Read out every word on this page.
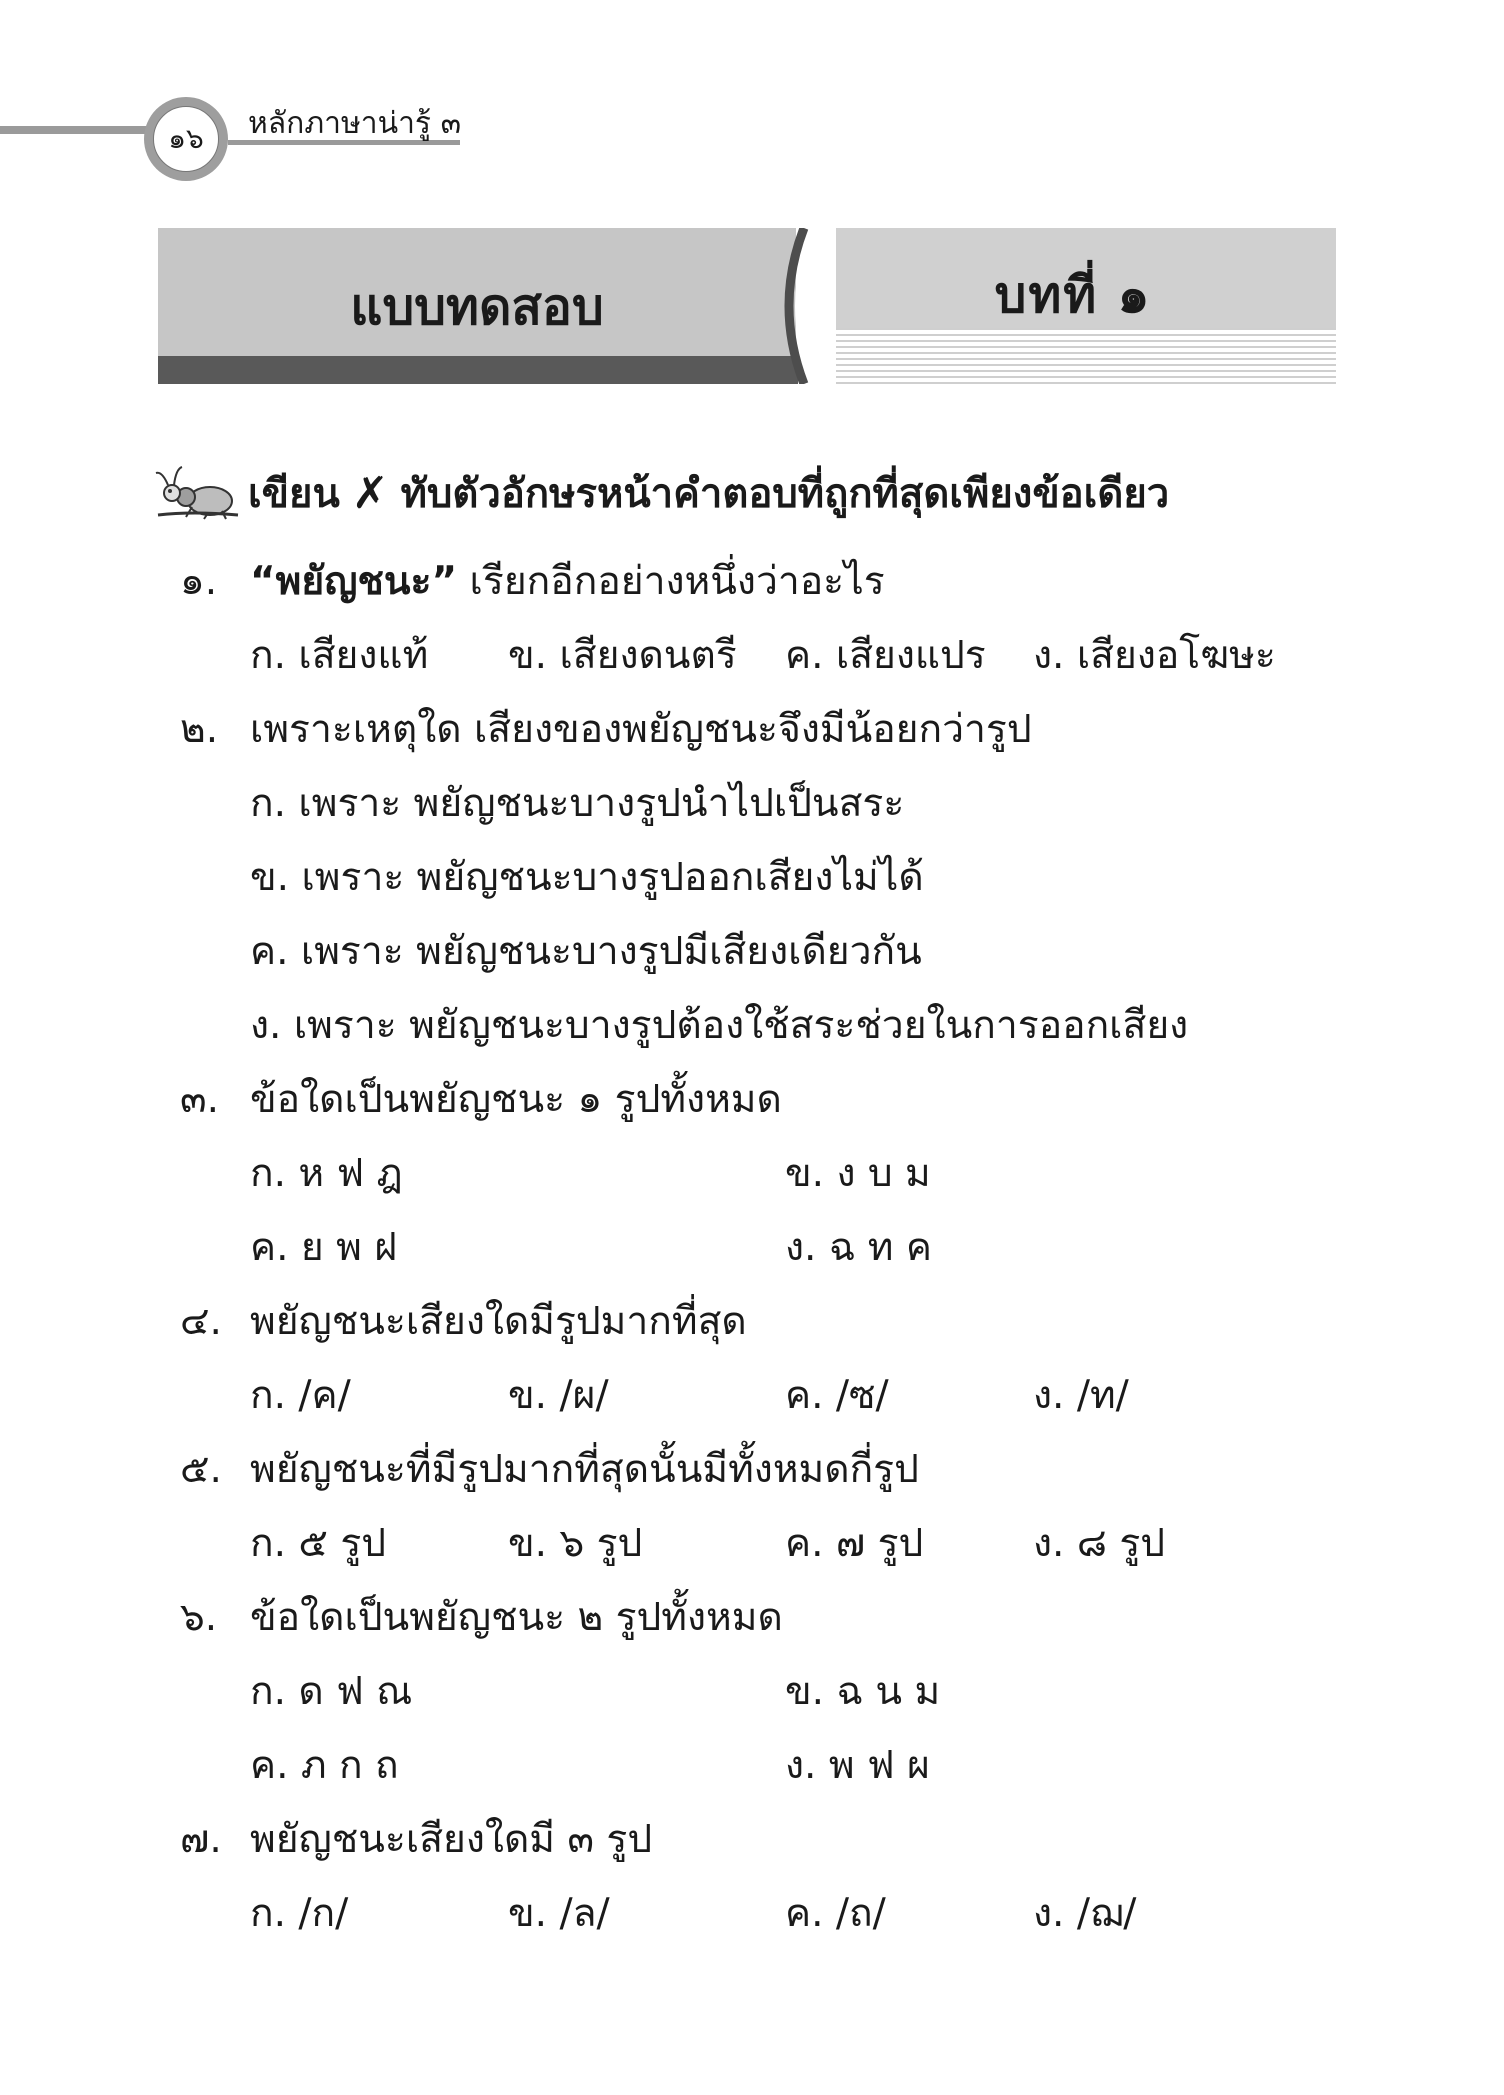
๑๖	หลักภาษาน่ารู้ ๓
แบบทดสอบ	บทที่ ๑
เขียน ✗ ทับตัวอักษรหน้าคำตอบที่ถูกที่สุดเพียงข้อเดียว
๑. “พยัญชนะ” เรียกอีกอย่างหนึ่งว่าอะไร
ก. เสียงแท้ ข. เสียงดนตรี ค. เสียงแปร ง. เสียงอโฆษะ
๒. เพราะเหตุใด เสียงของพยัญชนะจึงมีน้อยกว่ารูป
ก. เพราะ พยัญชนะบางรูปนำไปเป็นสระ
ข. เพราะ พยัญชนะบางรูปออกเสียงไม่ได้
ค. เพราะ พยัญชนะบางรูปมีเสียงเดียวกัน
ง. เพราะ พยัญชนะบางรูปต้องใช้สระช่วยในการออกเสียง
๓. ข้อใดเป็นพยัญชนะ ๑ รูปทั้งหมด
ก. ห ฟ ฎ	ข. ง บ ม
ค. ย พ ฝ	ง. ฉ ท ค
๔. พยัญชนะเสียงใดมีรูปมากที่สุด
ก. /ค/	ข. /ผ/	ค. /ซ/	ง. /ท/
๕. พยัญชนะที่มีรูปมากที่สุดนั้นมีทั้งหมดกี่รูป
ก. ๕ รูป	ข. ๖ รูป	ค. ๗ รูป	ง. ๘ รูป
๖. ข้อใดเป็นพยัญชนะ ๒ รูปทั้งหมด
ก. ด ฟ ณ	ข. ฉ น ม
ค. ภ ก ถ	ง. พ ฟ ผ
๗. พยัญชนะเสียงใดมี ๓ รูป
ก. /ก/	ข. /ล/	ค. /ถ/	ง. /ฌ/
